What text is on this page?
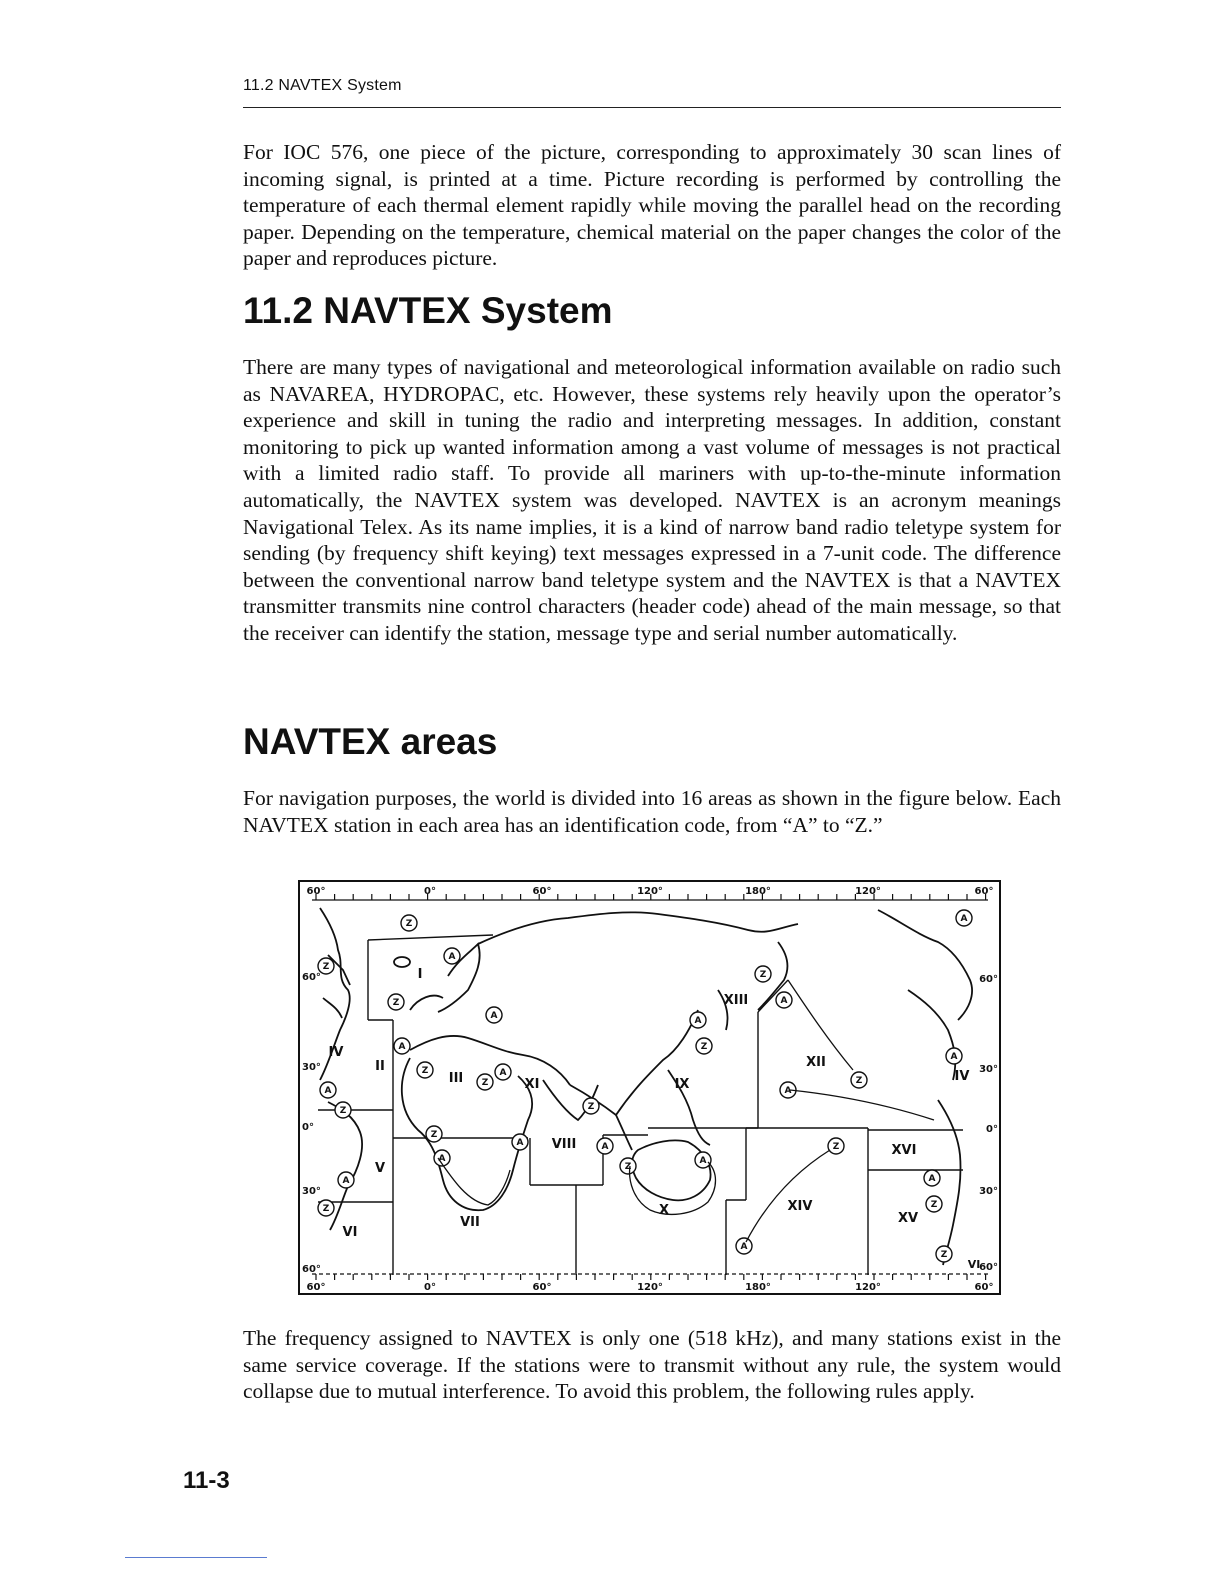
11.2 NAVTEX System

For IOC 576, one piece of the picture, corresponding to approximately 30 scan lines of incoming signal, is printed at a time. Picture recording is performed by controlling the temperature of each thermal element rapidly while moving the parallel head on the recording paper. Depending on the temperature, chemical material on the paper changes the color of the paper and reproduces picture.

11.2 NAVTEX System

There are many types of navigational and meteorological information available on radio such as NAVAREA, HYDROPAC, etc. However, these systems rely heavily upon the operator’s experience and skill in tuning the radio and interpreting messages. In addition, constant monitoring to pick up wanted information among a vast volume of messages is not practical with a limited radio staff. To provide all mariners with up-to-the-minute information automatically, the NAVTEX system was developed. NAVTEX is an acronym meanings Navigational Telex. As its name implies, it is a kind of narrow band radio teletype system for sending (by frequency shift keying) text messages expressed in a 7-unit code. The difference between the conventional narrow band teletype system and the NAVTEX is that a NAVTEX transmitter transmits nine control characters (header code) ahead of the main message, so that the receiver can identify the station, message type and serial number automatically.

NAVTEX areas

For navigation purposes, the world is divided into 16 areas as shown in the figure below. Each NAVTEX station in each area has an identification code, from “A” to “Z.”

60°	0°	60°	120°	180°	120°	60°
60°	0°	60°	120°	180°	120°	60°
60°
30°
0°
30°
60°
60°
30°
0°
30°
60°
Z
A
Z
A
A
Z
Z
A
Z
A
A
Z
A
Z
A
Z
A
A
Z
A
Z
A
Z
A
Z
A
Z
A
A
Z
A
Z
Z	I
II
III
IV
V
VI
VII
VIII
IX
X
XI
XII
XIII
XIV
XV
XVI
IV
VI

The frequency assigned to NAVTEX is only one (518 kHz), and many stations exist in the same service coverage. If the stations were to transmit without any rule, the system would collapse due to mutual interference. To avoid this problem, the following rules apply.

11-3
